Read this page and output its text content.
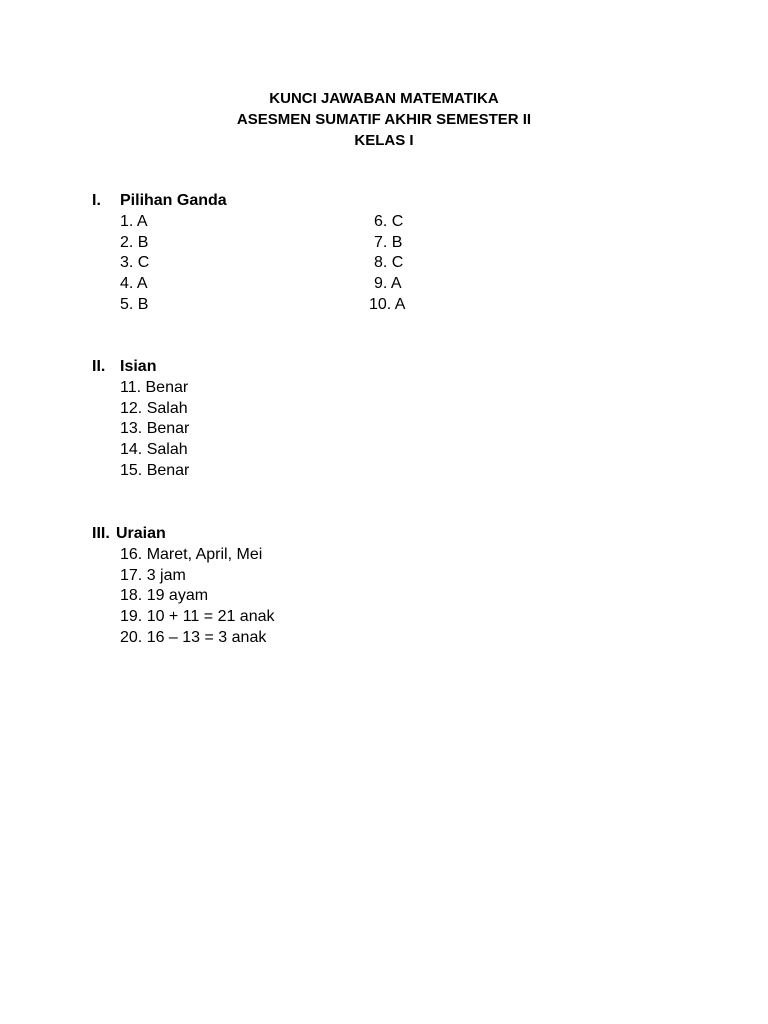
KUNCI JAWABAN MATEMATIKA
ASESMEN SUMATIF AKHIR SEMESTER II
KELAS I
I. Pilihan Ganda
1. A
2. B
3. C
4. A
5. B
6. C
7. B
8. C
9. A
10. A
II. Isian
11. Benar
12. Salah
13. Benar
14. Salah
15. Benar
III. Uraian
16. Maret, April, Mei
17. 3 jam
18. 19 ayam
19. 10 + 11 = 21 anak
20. 16 – 13 = 3 anak
